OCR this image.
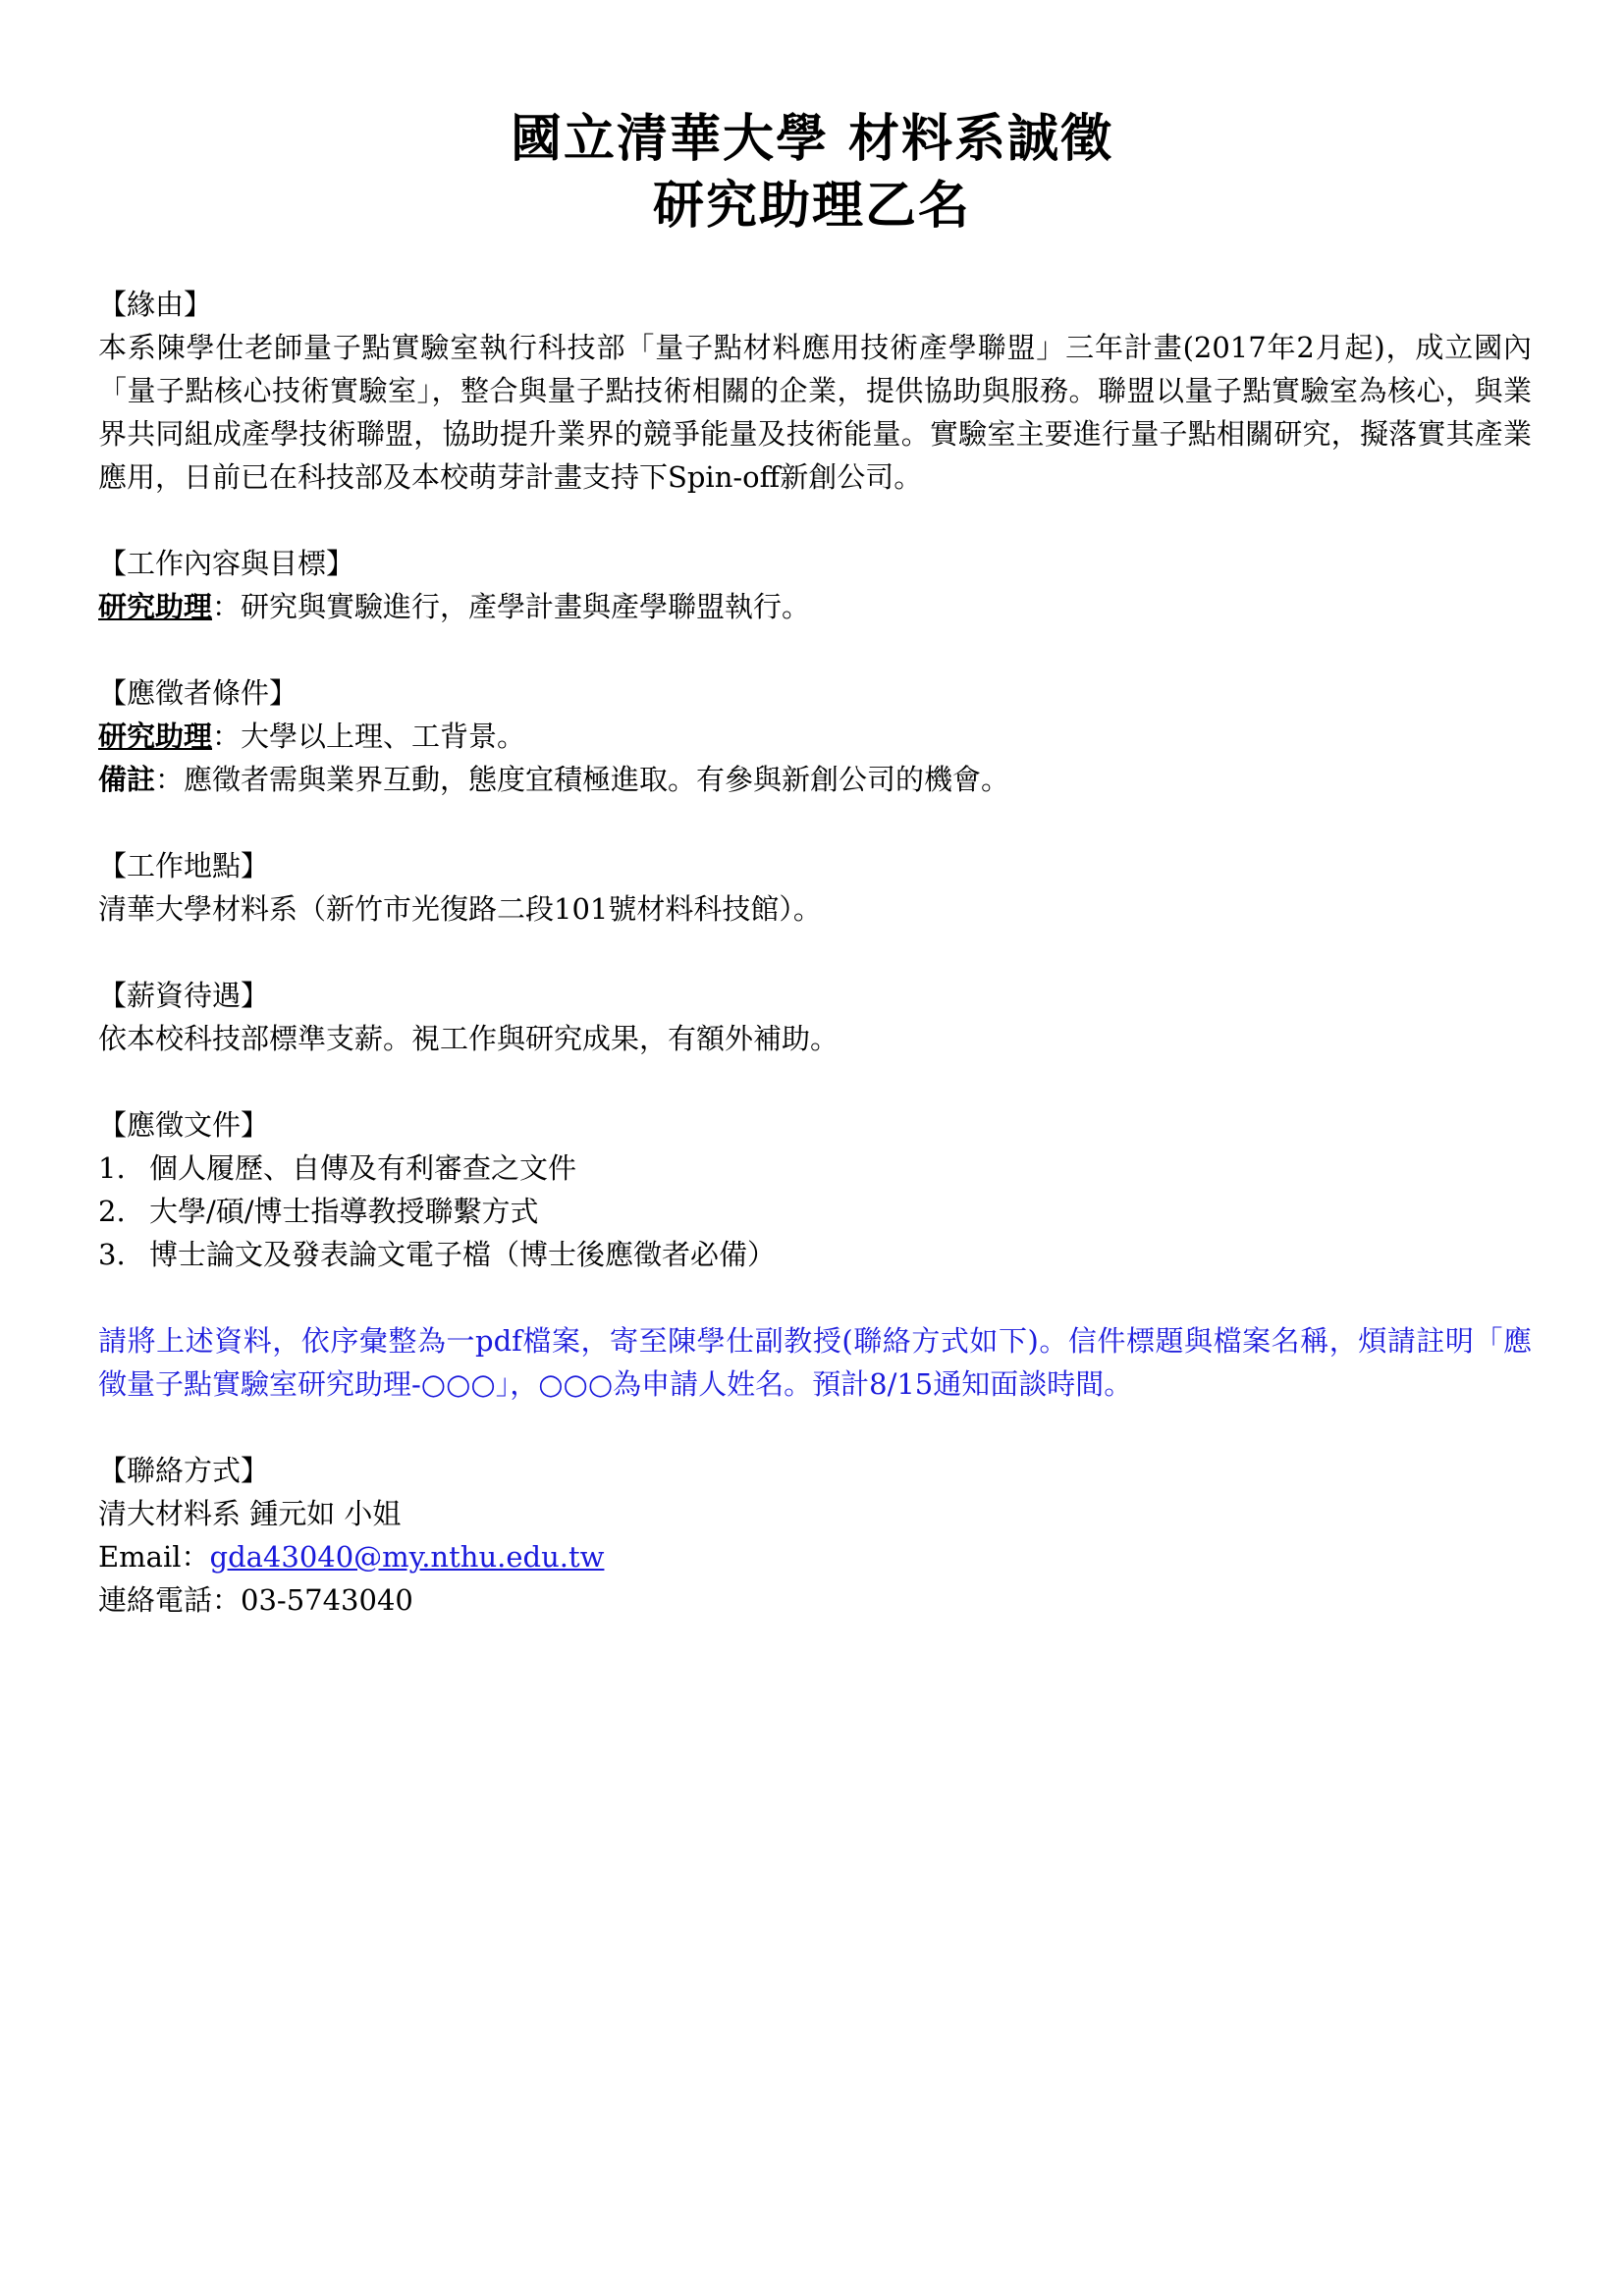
國立清華大學 材料系誠徵
研究助理乙名

【緣由】

本系陳學仕老師量子點實驗室執行科技部「量子點材料應用技術產學聯盟」三年計畫(2017年2月起)，成立國內「量子點核心技術實驗室」，整合與量子點技術相關的企業，提供協助與服務。聯盟以量子點實驗室為核心，與業界共同組成產學技術聯盟，協助提升業界的競爭能量及技術能量。實驗室主要進行量子點相關研究，擬落實其產業應用，日前已在科技部及本校萌芽計畫支持下Spin-off新創公司。

【工作內容與目標】

研究助理：研究與實驗進行，產學計畫與產學聯盟執行。

【應徵者條件】

研究助理：大學以上理、工背景。

備註：應徵者需與業界互動，態度宜積極進取。有參與新創公司的機會。

【工作地點】

清華大學材料系（新竹市光復路二段101號材料科技館）。

【薪資待遇】

依本校科技部標準支薪。視工作與研究成果，有額外補助。

【應徵文件】

1. 個人履歷、自傳及有利審查之文件

2. 大學/碩/博士指導教授聯繫方式

3. 博士論文及發表論文電子檔（博士後應徵者必備）

請將上述資料，依序彙整為一pdf檔案，寄至陳學仕副教授(聯絡方式如下)。信件標題與檔案名稱，煩請註明「應徵量子點實驗室研究助理-○○○」，○○○為申請人姓名。預計8/15通知面談時間。

【聯絡方式】

清大材料系 鍾元如 小姐

Email：gda43040@my.nthu.edu.tw

連絡電話：03-5743040
